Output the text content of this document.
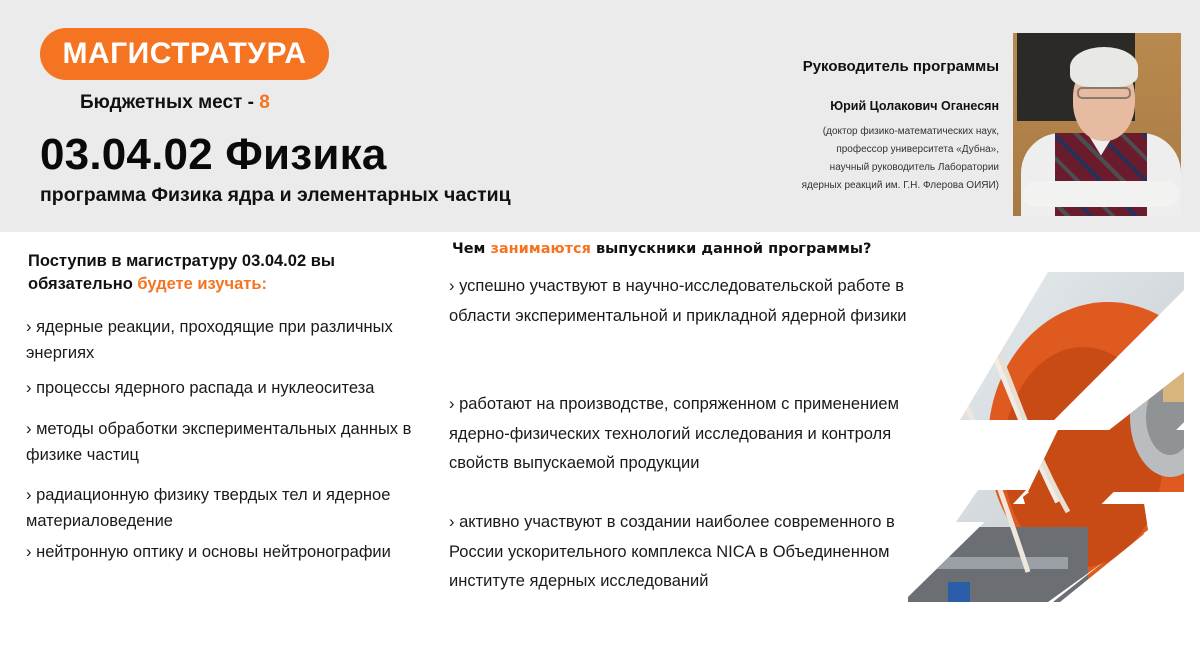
МАГИСТРАТУРА
Бюджетных мест - 8
03.04.02 Физика
программа Физика ядра и элементарных частиц
Руководитель программы
Юрий Цолакович Оганесян
(доктор физико-математических наук,
профессор университета «Дубна»,
научный руководитель Лаборатории
ядерных реакций им. Г.Н. Флерова ОИЯИ)
Поступив в магистратуру 03.04.02 вы обязательно будете изучать:
› ядерные реакции, проходящие при различных энергиях
› процессы ядерного распада и нуклеоситеза
› методы обработки экспериментальных данных в физике частиц
› радиационную физику твердых тел и ядерное материаловедение
› нейтронную оптику и основы нейтронографии
Чем занимаются выпускники данной программы?
› успешно участвуют в научно-исследовательской работе в области экспериментальной и прикладной ядерной физики
› работают на производстве, сопряженном с применением ядерно-физических технологий исследования и контроля свойств выпускаемой продукции
› активно участвуют в создании наиболее современного в России ускорительного комплекса NICA в Объединенном институте ядерных исследований
